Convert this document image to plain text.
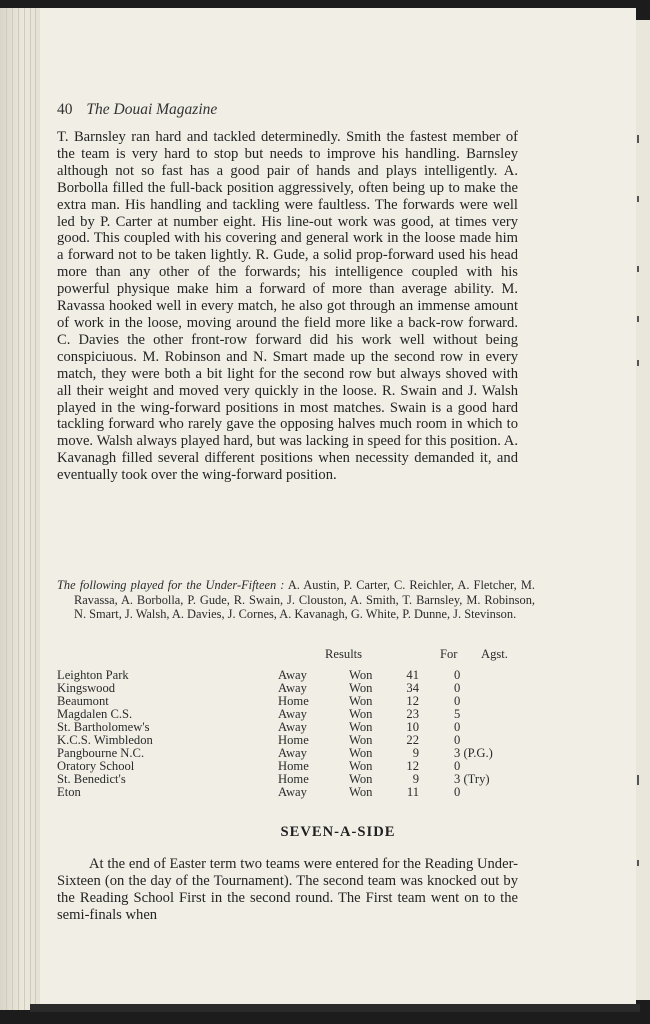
40 The Douai Magazine

T. Barnsley ran hard and tackled determinedly. Smith the fastest member of the team is very hard to stop but needs to improve his handling. Barnsley although not so fast has a good pair of hands and plays intelligently. A. Borbolla filled the full-back position aggressively, often being up to make the extra man. His handling and tackling were faultless. The forwards were well led by P. Carter at number eight. His line-out work was good, at times very good. This coupled with his covering and general work in the loose made him a forward not to be taken lightly. R. Gude, a solid prop-forward used his head more than any other of the forwards; his intelligence coupled with his powerful physique make him a forward of more than average ability. M. Ravassa hooked well in every match, he also got through an immense amount of work in the loose, moving around the field more like a back-row forward. C. Davies the other front-row forward did his work well without being conspiciuous. M. Robinson and N. Smart made up the second row in every match, they were both a bit light for the second row but always shoved with all their weight and moved very quickly in the loose. R. Swain and J. Walsh played in the wing-forward positions in most matches. Swain is a good hard tackling forward who rarely gave the opposing halves much room in which to move. Walsh always played hard, but was lacking in speed for this position. A. Kavanagh filled several different positions when necessity demanded it, and eventually took over the wing-forward position.

The following played for the Under-Fifteen : A. Austin, P. Carter, C. Reichler, A. Fletcher, M. Ravassa, A. Borbolla, P. Gude, R. Swain, J. Clouston, A. Smith, T. Barnsley, M. Robinson, N. Smart, J. Walsh, A. Davies, J. Cornes, A. Kavanagh, G. White, P. Dunne, J. Stevinson.

Results	For Agst.
Leighton Park	Away	Won	41	0
Kingswood	Away	Won	34	0
Beaumont	Home	Won	12	0
Magdalen C.S.	Away	Won	23	5
St. Bartholomew's	Away	Won	10	0
K.C.S. Wimbledon	Home	Won	22	0
Pangbourne N.C.	Away	Won	9	3 (P.G.)
Oratory School	Home	Won	12	0
St. Benedict's	Home	Won	9	3 (Try)
Eton	Away	Won	11	0
SEVEN-A-SIDE

At the end of Easter term two teams were entered for the Reading Under-Sixteen (on the day of the Tournament). The second team was knocked out by the Reading School First in the second round. The First team went on to the semi-finals when
